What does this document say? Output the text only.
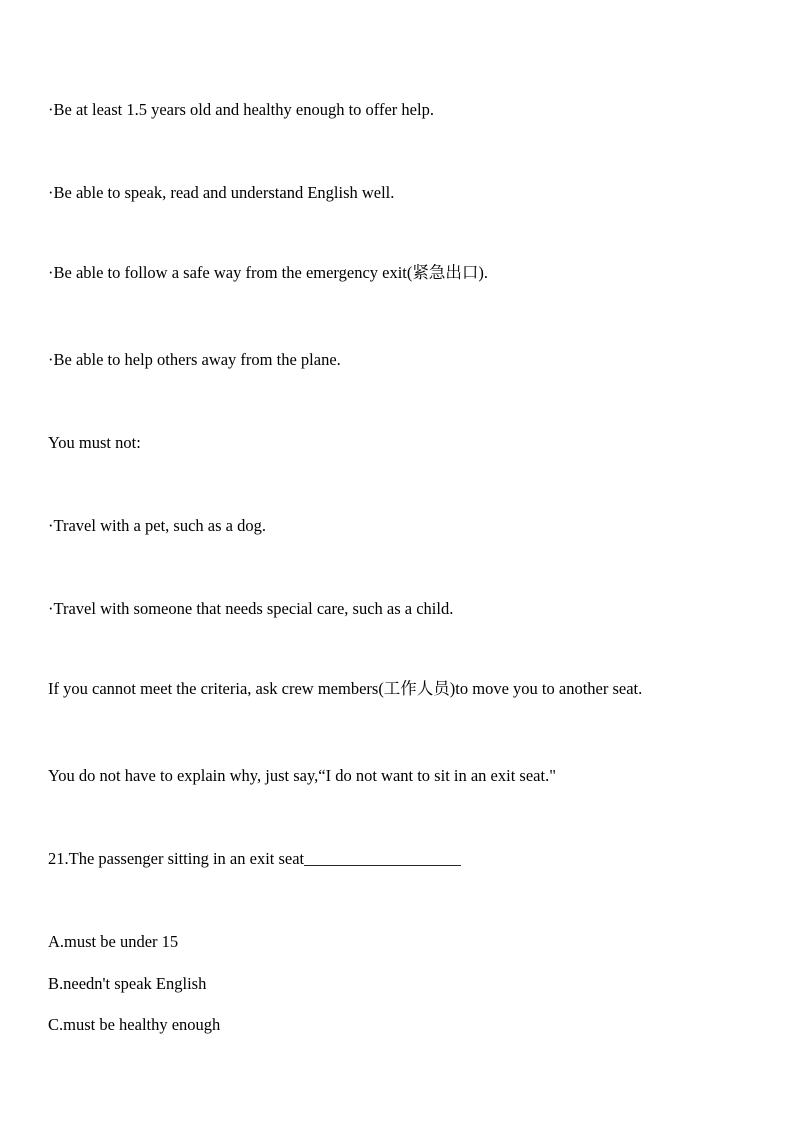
·Be at least 1.5 years old and healthy enough to offer help.

·Be able to speak, read and understand English well.

·Be able to follow a safe way from the emergency exit(紧急出口).

·Be able to help others away from the plane.

You must not:

·Travel with a pet, such as a dog.

·Travel with someone that needs special care, such as a child.

If you cannot meet the criteria, ask crew members(工作人员)to move you to another seat.

You do not have to explain why, just say,“I do not want to sit in an exit seat."

21.The passenger sitting in an exit seat___________________

A.must be under 15

B.needn't speak English

C.must be healthy enough
